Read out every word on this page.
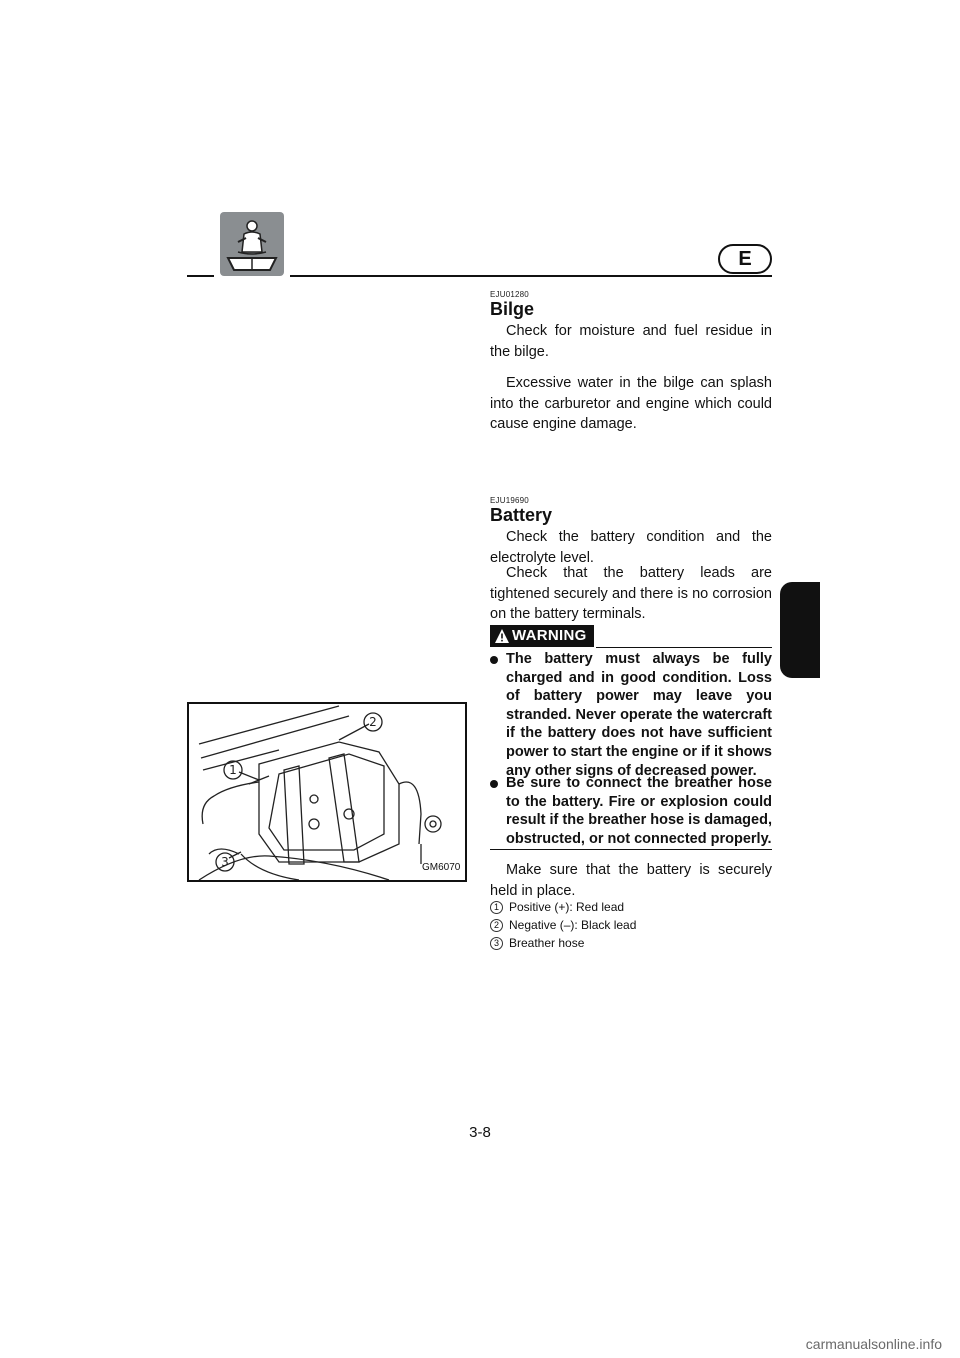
E
EJU01280
Bilge
Check for moisture and fuel residue in the bilge.
Excessive water in the bilge can splash into the carburetor and engine which could cause engine damage.
EJU19690
Battery
Check the battery condition and the electrolyte level.
Check that the battery leads are tightened securely and there is no corrosion on the battery terminals.
WARNING
The battery must always be fully charged and in good condition. Loss of battery power may leave you stranded. Never operate the watercraft if the battery does not have sufficient power to start the engine or if it shows any other signs of decreased power.
Be sure to connect the breather hose to the battery. Fire or explosion could result if the breather hose is damaged, obstructed, or not connected properly.
Make sure that the battery is securely held in place.
1 Positive (+): Red lead
2 Negative (–): Black lead
3 Breather hose
2
1
3	GM6070
3-8
carmanualsonline.info
